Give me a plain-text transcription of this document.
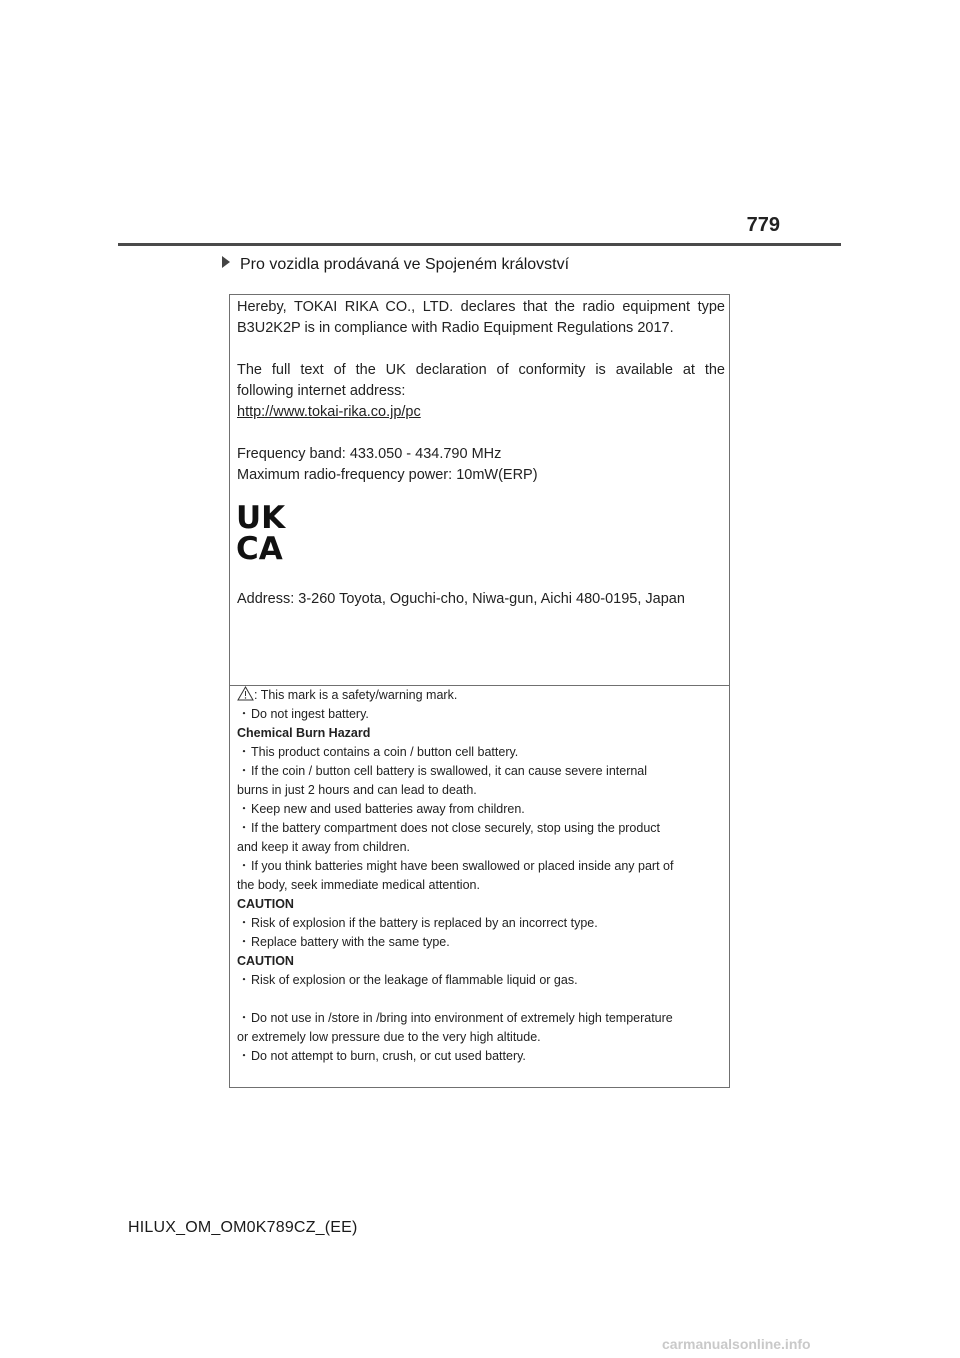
779
Pro vozidla prodávaná ve Spojeném království
Hereby, TOKAI RIKA CO., LTD. declares that the radio equipment type
B3U2K2P is in compliance with Radio Equipment Regulations 2017.
The full text of the UK declaration of conformity is available at the
following internet address:
http://www.tokai-rika.co.jp/pc
Frequency band: 433.050 - 434.790 MHz
Maximum radio-frequency power: 10mW(ERP)
UK
CA
Address: 3-260 Toyota, Oguchi-cho, Niwa-gun, Aichi 480-0195, Japan
: This mark is a safety/warning mark.
・Do not ingest battery.
Chemical Burn Hazard
・This product contains a coin / button cell battery.
・If the coin / button cell battery is swallowed, it can cause severe internal
burns in just 2 hours and can lead to death.
・Keep new and used batteries away from children.
・If the battery compartment does not close securely, stop using the product
and keep it away from children.
・If you think batteries might have been swallowed or placed inside any part of
the body, seek immediate medical attention.
CAUTION
・Risk of explosion if the battery is replaced by an incorrect type.
・Replace battery with the same type.
CAUTION
・Risk of explosion or the leakage of flammable liquid or gas.
・Do not use in /store in /bring into environment of extremely high temperature
or extremely low pressure due to the very high altitude.
・Do not attempt to burn, crush, or cut used battery.
HILUX_OM_OM0K789CZ_(EE)
carmanualsonline.info
